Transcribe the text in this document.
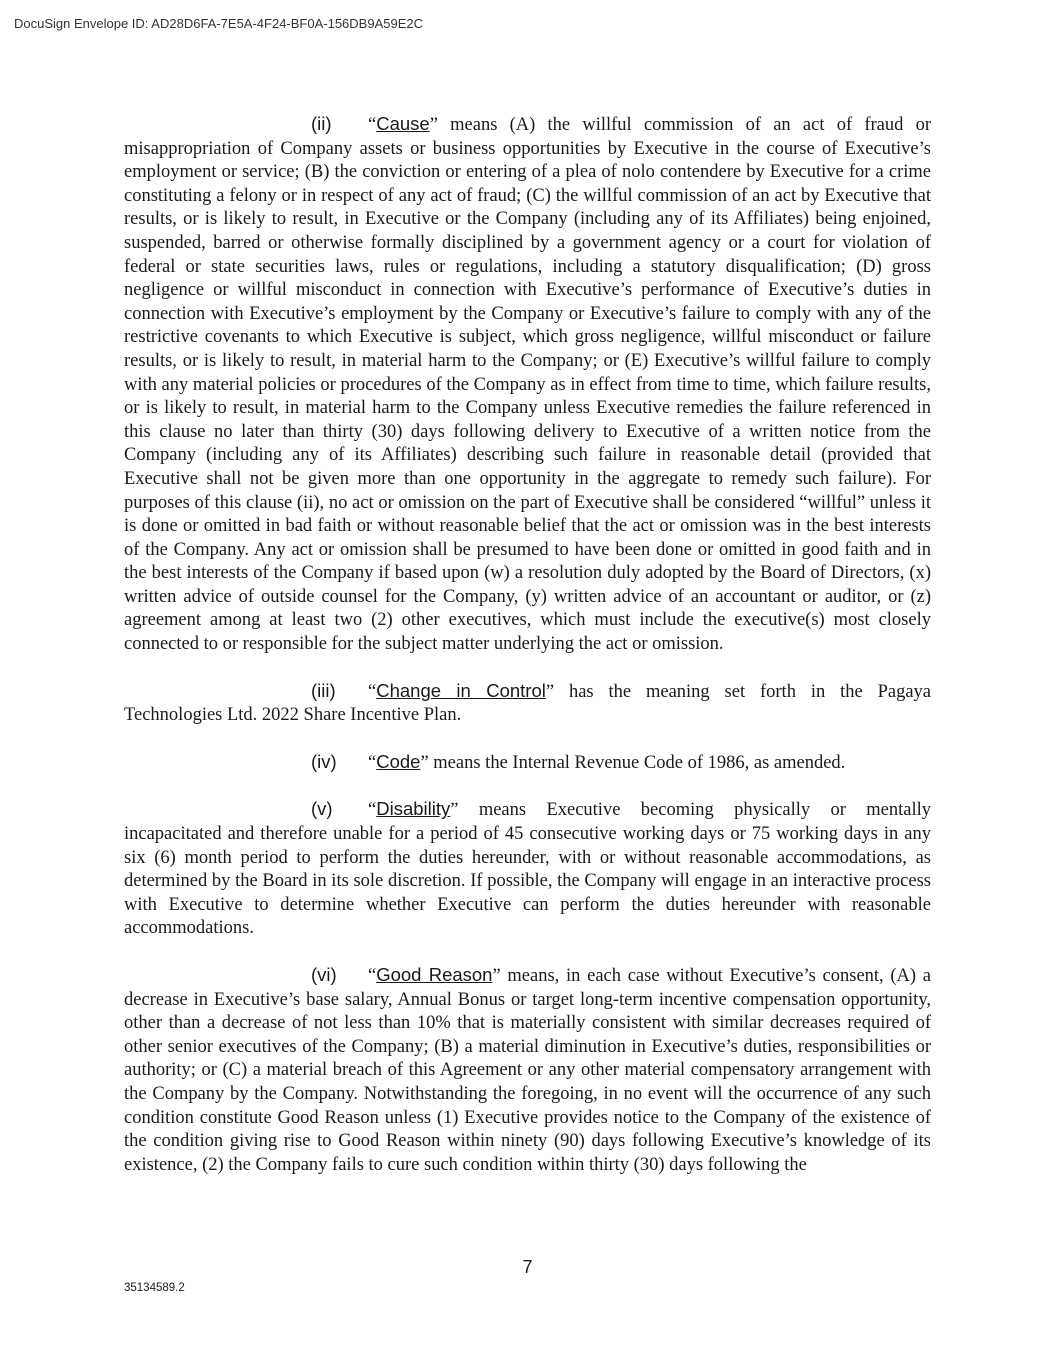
DocuSign Envelope ID: AD28D6FA-7E5A-4F24-BF0A-156DB9A59E2C

(ii) “Cause” means (A) the willful commission of an act of fraud or misappropriation of Company assets or business opportunities by Executive in the course of Executive’s employment or service; (B) the conviction or entering of a plea of nolo contendere by Executive for a crime constituting a felony or in respect of any act of fraud; (C) the willful commission of an act by Executive that results, or is likely to result, in Executive or the Company (including any of its Affiliates) being enjoined, suspended, barred or otherwise formally disciplined by a government agency or a court for violation of federal or state securities laws, rules or regulations, including a statutory disqualification; (D) gross negligence or willful misconduct in connection with Executive’s performance of Executive’s duties in connection with Executive’s employment by the Company or Executive’s failure to comply with any of the restrictive covenants to which Executive is subject, which gross negligence, willful misconduct or failure results, or is likely to result, in material harm to the Company; or (E) Executive’s willful failure to comply with any material policies or procedures of the Company as in effect from time to time, which failure results, or is likely to result, in material harm to the Company unless Executive remedies the failure referenced in this clause no later than thirty (30) days following delivery to Executive of a written notice from the Company (including any of its Affiliates) describing such failure in reasonable detail (provided that Executive shall not be given more than one opportunity in the aggregate to remedy such failure). For purposes of this clause (ii), no act or omission on the part of Executive shall be considered “willful” unless it is done or omitted in bad faith or without reasonable belief that the act or omission was in the best interests of the Company. Any act or omission shall be presumed to have been done or omitted in good faith and in the best interests of the Company if based upon (w) a resolution duly adopted by the Board of Directors, (x) written advice of outside counsel for the Company, (y) written advice of an accountant or auditor, or (z) agreement among at least two (2) other executives, which must include the executive(s) most closely connected to or responsible for the subject matter underlying the act or omission.

(iii) “Change in Control” has the meaning set forth in the Pagaya Technologies Ltd. 2022 Share Incentive Plan.

(iv) “Code” means the Internal Revenue Code of 1986, as amended.

(v) “Disability” means Executive becoming physically or mentally incapacitated and therefore unable for a period of 45 consecutive working days or 75 working days in any six (6) month period to perform the duties hereunder, with or without reasonable accommodations, as determined by the Board in its sole discretion. If possible, the Company will engage in an interactive process with Executive to determine whether Executive can perform the duties hereunder with reasonable accommodations.

(vi) “Good Reason” means, in each case without Executive’s consent, (A) a decrease in Executive’s base salary, Annual Bonus or target long-term incentive compensation opportunity, other than a decrease of not less than 10% that is materially consistent with similar decreases required of other senior executives of the Company; (B) a material diminution in Executive’s duties, responsibilities or authority; or (C) a material breach of this Agreement or any other material compensatory arrangement with the Company by the Company. Notwithstanding the foregoing, in no event will the occurrence of any such condition constitute Good Reason unless (1) Executive provides notice to the Company of the existence of the condition giving rise to Good Reason within ninety (90) days following Executive’s knowledge of its existence, (2) the Company fails to cure such condition within thirty (30) days following the

7
35134589.2
